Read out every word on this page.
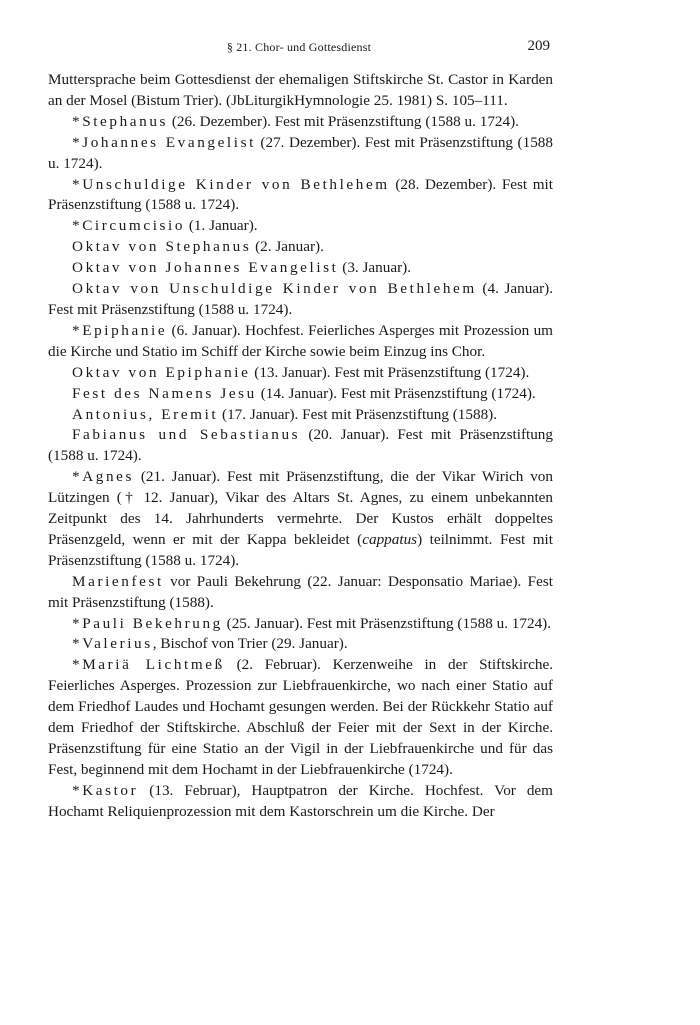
§ 21. Chor- und Gottesdienst	209

Muttersprache beim Gottesdienst der ehemaligen Stiftskirche St. Castor in Karden an der Mosel (Bistum Trier). (JbLiturgikHymnologie 25. 1981) S. 105–111.

*Stephanus (26. Dezember). Fest mit Präsenzstiftung (1588 u. 1724).

*Johannes Evangelist (27. Dezember). Fest mit Präsenzstiftung (1588 u. 1724).

*Unschuldige Kinder von Bethlehem (28. Dezember). Fest mit Präsenzstiftung (1588 u. 1724).

*Circumcisio (1. Januar).

Oktav von Stephanus (2. Januar).

Oktav von Johannes Evangelist (3. Januar).

Oktav von Unschuldige Kinder von Bethlehem (4. Januar). Fest mit Präsenzstiftung (1588 u. 1724).

*Epiphanie (6. Januar). Hochfest. Feierliches Asperges mit Prozession um die Kirche und Statio im Schiff der Kirche sowie beim Einzug ins Chor.

Oktav von Epiphanie (13. Januar). Fest mit Präsenzstiftung (1724).

Fest des Namens Jesu (14. Januar). Fest mit Präsenzstiftung (1724).

Antonius, Eremit (17. Januar). Fest mit Präsenzstiftung (1588).

Fabianus und Sebastianus (20. Januar). Fest mit Präsenzstiftung (1588 u. 1724).

*Agnes (21. Januar). Fest mit Präsenzstiftung, die der Vikar Wirich von Lützingen († 12. Januar), Vikar des Altars St. Agnes, zu einem unbekannten Zeitpunkt des 14. Jahrhunderts vermehrte. Der Kustos erhält doppeltes Präsenzgeld, wenn er mit der Kappa bekleidet (cappatus) teilnimmt. Fest mit Präsenzstiftung (1588 u. 1724).

Marienfest vor Pauli Bekehrung (22. Januar: Desponsatio Mariae). Fest mit Präsenzstiftung (1588).

*Pauli Bekehrung (25. Januar). Fest mit Präsenzstiftung (1588 u. 1724).

*Valerius, Bischof von Trier (29. Januar).

*Mariä Lichtmeß (2. Februar). Kerzenweihe in der Stiftskirche. Feierliches Asperges. Prozession zur Liebfrauenkirche, wo nach einer Statio auf dem Friedhof Laudes und Hochamt gesungen werden. Bei der Rückkehr Statio auf dem Friedhof der Stiftskirche. Abschluß der Feier mit der Sext in der Kirche. Präsenzstiftung für eine Statio an der Vigil in der Liebfrauenkirche und für das Fest, beginnend mit dem Hochamt in der Liebfrauenkirche (1724).

*Kastor (13. Februar), Hauptpatron der Kirche. Hochfest. Vor dem Hochamt Reliquienprozession mit dem Kastorschrein um die Kirche. Der
